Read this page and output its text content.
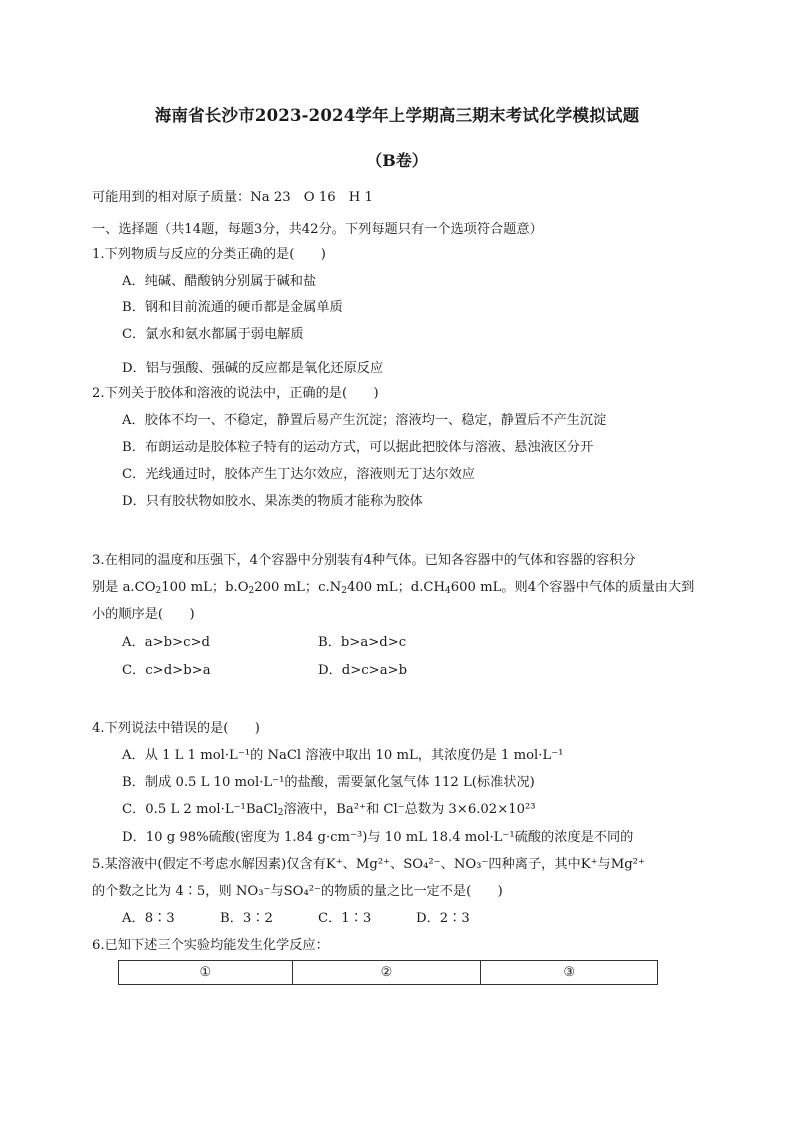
海南省长沙市2023-2024学年上学期高三期末考试化学模拟试题
（B卷）
可能用到的相对原子质量：Na 23　O 16　H 1
一、选择题（共14题，每题3分，共42分。下列每题只有一个选项符合题意）
1.下列物质与反应的分类正确的是(　　)
A．纯碱、醋酸钠分别属于碱和盐
B．钢和目前流通的硬币都是金属单质
C．氯水和氨水都属于弱电解质
D．铝与强酸、强碱的反应都是氧化还原反应
2.下列关于胶体和溶液的说法中，正确的是(　　)
A．胶体不均一、不稳定，静置后易产生沉淀；溶液均一、稳定，静置后不产生沉淀
B．布朗运动是胶体粒子特有的运动方式，可以据此把胶体与溶液、悬浊液区分开
C．光线通过时，胶体产生丁达尔效应，溶液则无丁达尔效应
D．只有胶状物如胶水、果冻类的物质才能称为胶体
3.在相同的温度和压强下，4个容器中分别装有4种气体。已知各容器中的气体和容器的容积分
别是 $a.CO_2100$ mL；$b.O_2200$ mL；$c.N_2400$ mL；$d.CH_4600$ mL。则4个容器中气体的质量由大到
小的顺序是(　　)
A．a>b>c>d	B．b>a>d>c
C．c>d>b>a	D．d>c>a>b
4.下列说法中错误的是(　　)
A．从 1 L 1 mol·L⁻¹的 NaCl 溶液中取出 10 mL，其浓度仍是 1 mol·L⁻¹
B．制成 0.5 L 10 mol·L⁻¹的盐酸，需要氯化氢气体 112 L(标准状况)
C．0.5 L 2 mol·L⁻¹BaCl$_2$溶液中，Ba²⁺和 Cl⁻总数为 3×6.02×10²³
D．10 g 98%硫酸(密度为 1.84 g·cm⁻³)与 10 mL 18.4 mol·L⁻¹硫酸的浓度是不同的
5.某溶液中(假定不考虑水解因素)仅含有K⁺、Mg²⁺、SO₄²⁻、NO₃⁻四种离子，其中K⁺与Mg²⁺
的个数之比为 4∶5，则 NO₃⁻与SO₄²⁻的物质的量之比一定不是(　　)
A．8∶3	B．3∶2	C．1∶3	D．2∶3
6.已知下述三个实验均能发生化学反应：
①	②	③
